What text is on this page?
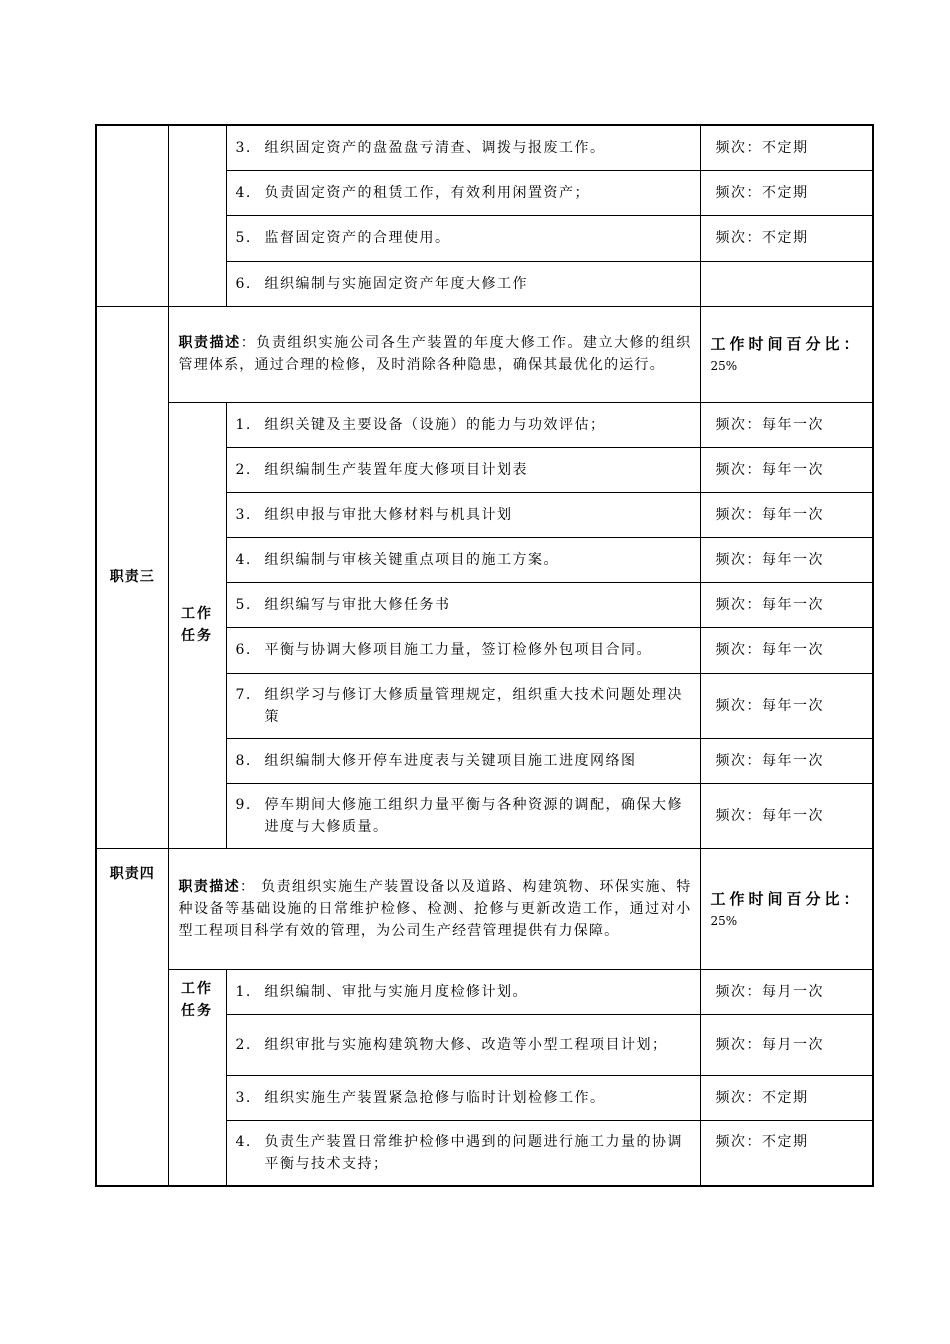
		3. 组织固定资产的盘盈盘亏清查、调拨与报废工作。	频次：不定期

		4. 负责固定资产的租赁工作，有效利用闲置资产；	频次：不定期

		5. 监督固定资产的合理使用。	频次：不定期

		6. 组织编制与实施固定资产年度大修工作	
职责三	职责描述：负责组织实施公司各生产装置的年度大修工作。建立大修的组织管理体系，通过合理的检修，及时消除各种隐患，确保其最优化的运行。		工作时间百分比：
25%

	工作
任务	1. 组织关键及主要设备（设施）的能力与功效评估；	频次：每年一次

		2. 组织编制生产装置年度大修项目计划表	频次：每年一次

		3. 组织申报与审批大修材料与机具计划	频次：每年一次

		4. 组织编制与审核关键重点项目的施工方案。	频次：每年一次

		5. 组织编写与审批大修任务书	频次：每年一次

		6. 平衡与协调大修项目施工力量，签订检修外包项目合同。	频次：每年一次

		7. 组织学习与修订大修质量管理规定，组织重大技术问题处理决策	频次：每年一次

		8. 组织编制大修开停车进度表与关键项目施工进度网络图	频次：每年一次

		9. 停车期间大修施工组织力量平衡与各种资源的调配，确保大修进度与大修质量。	频次：每年一次
职责四	职责描述： 负责组织实施生产装置设备以及道路、构建筑物、环保实施、特种设备等基础设施的日常维护检修、检测、抢修与更新改造工作，通过对小型工程项目科学有效的管理，为公司生产经营管理提供有力保障。		工作时间百分比：
25%

	工作
任务	1. 组织编制、审批与实施月度检修计划。	频次：每月一次

		2. 组织审批与实施构建筑物大修、改造等小型工程项目计划；	频次：每月一次

		3. 组织实施生产装置紧急抢修与临时计划检修工作。	频次：不定期

		4. 负责生产装置日常维护检修中遇到的问题进行施工力量的协调平衡与技术支持；	频次：不定期
